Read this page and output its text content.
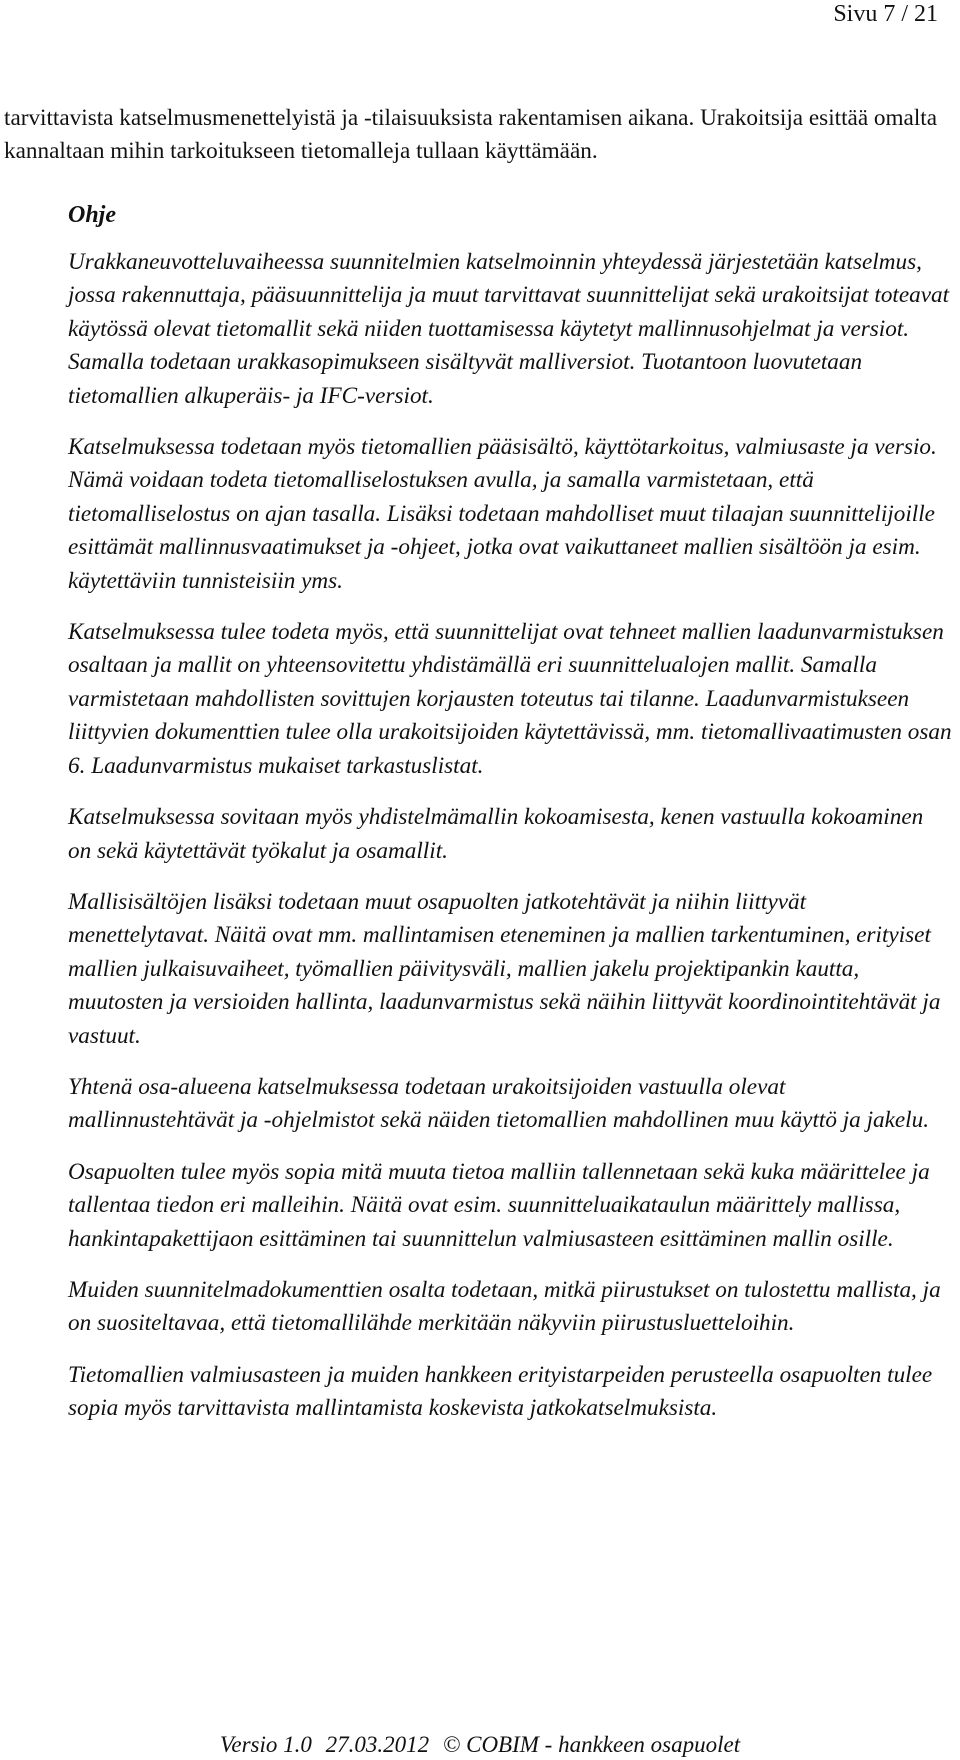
Sivu 7 / 21

tarvittavista katselmusmenettelyistä ja -tilaisuuksista rakentamisen aikana. Urakoitsija esittää omalta kannaltaan mihin tarkoitukseen tietomalleja tullaan käyttämään.

Ohje

Urakkaneuvotteluvaiheessa suunnitelmien katselmoinnin yhteydessä järjestetään katselmus, jossa rakennuttaja, pääsuunnittelija ja muut tarvittavat suunnittelijat sekä urakoitsijat toteavat käytössä olevat tietomallit sekä niiden tuottamisessa käytetyt mallinnusohjelmat ja versiot. Samalla todetaan urakkasopimukseen sisältyvät malliversiot. Tuotantoon luovutetaan tietomallien alkuperäis- ja IFC-versiot.

Katselmuksessa todetaan myös tietomallien pääsisältö, käyttötarkoitus, valmiusaste ja versio. Nämä voidaan todeta tietomalliselostuksen avulla, ja samalla varmistetaan, että tietomalliselostus on ajan tasalla. Lisäksi todetaan mahdolliset muut tilaajan suunnittelijoille esittämät mallinnusvaatimukset ja -ohjeet, jotka ovat vaikuttaneet mallien sisältöön ja esim. käytettäviin tunnisteisiin yms.

Katselmuksessa tulee todeta myös, että suunnittelijat ovat tehneet mallien laadunvarmistuksen osaltaan ja mallit on yhteensovitettu yhdistämällä eri suunnittelualojen mallit. Samalla varmistetaan mahdollisten sovittujen korjausten toteutus tai tilanne. Laadunvarmistukseen liittyvien dokumenttien tulee olla urakoitsijoiden käytettävissä, mm. tietomallivaatimusten osan 6. Laadunvarmistus mukaiset tarkastuslistat.

Katselmuksessa sovitaan myös yhdistelmämallin kokoamisesta, kenen vastuulla kokoaminen on sekä käytettävät työkalut ja osamallit.

Mallisisältöjen lisäksi todetaan muut osapuolten jatkotehtävät ja niihin liittyvät menettelytavat. Näitä ovat mm. mallintamisen eteneminen ja mallien tarkentuminen, erityiset mallien julkaisuvaiheet, työmallien päivitysväli, mallien jakelu projektipankin kautta, muutosten ja versioiden hallinta, laadunvarmistus sekä näihin liittyvät koordinointitehtävät ja vastuut.

Yhtenä osa-alueena katselmuksessa todetaan urakoitsijoiden vastuulla olevat mallinnustehtävät ja -ohjelmistot sekä näiden tietomallien mahdollinen muu käyttö ja jakelu.

Osapuolten tulee myös sopia mitä muuta tietoa malliin tallennetaan sekä kuka määrittelee ja tallentaa tiedon eri malleihin. Näitä ovat esim. suunnitteluaikataulun määrittely mallissa, hankintapakettijaon esittäminen tai suunnittelun valmiusasteen esittäminen mallin osille.

Muiden suunnitelmadokumenttien osalta todetaan, mitkä piirustukset on tulostettu mallista, ja on suositeltavaa, että tietomallilähde merkitään näkyviin piirustusluetteloihin.

Tietomallien valmiusasteen ja muiden hankkeen erityistarpeiden perusteella osapuolten tulee sopia myös tarvittavista mallintamista koskevista jatkokatselmuksista.

Versio 1.0 27.03.2012 © COBIM - hankkeen osapuolet
